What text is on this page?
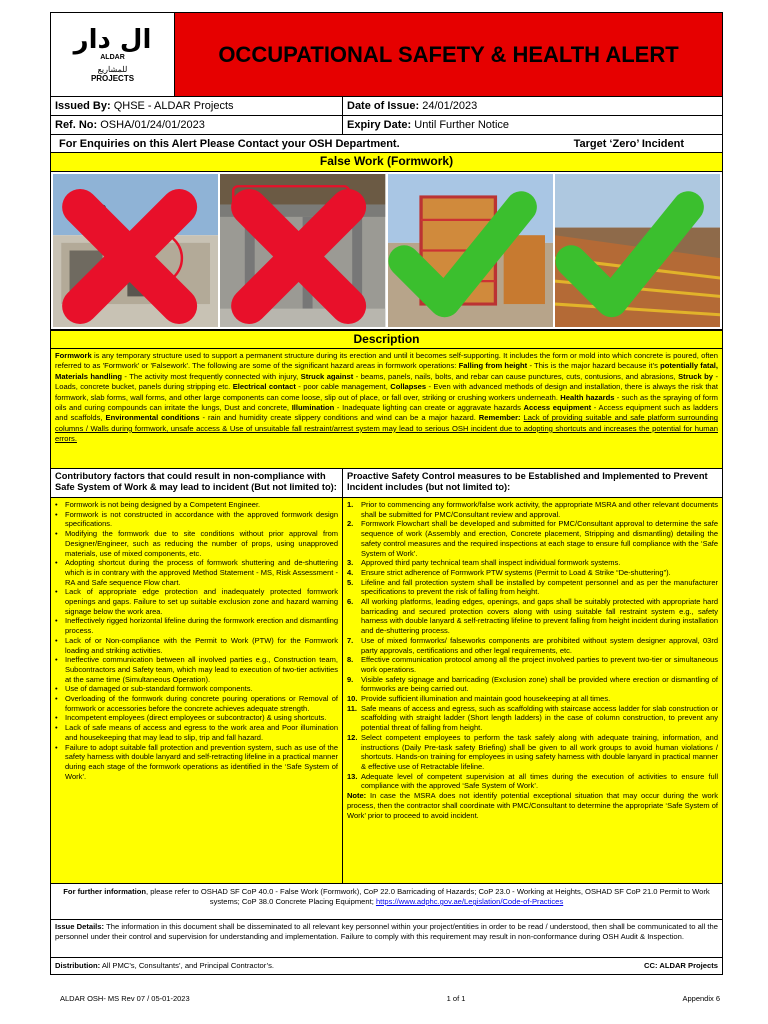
ال دار
ALDAR
للمشاريع
PROJECTS
OCCUPATIONAL SAFETY & HEALTH ALERT
Issued By: QHSE - ALDAR Projects	Date of Issue: 24/01/2023
Ref. No: OSHA/01/24/01/2023	Expiry Date: Until Further Notice
For Enquiries on this Alert Please Contact your OSH Department.	Target ‘Zero’ Incident
False Work (Formwork)
Description
Formwork is any temporary structure used to support a permanent structure during its erection and until it becomes self-supporting. It includes the form or mold into which concrete is poured, often referred to as 'Formwork' or 'Falsework'. The following are some of the significant hazard areas in formwork operations: Falling from height - This is the major hazard because it’s potentially fatal, Materials handling - The activity most frequently connected with injury, Struck against - beams, panels, nails, bolts, and rebar can cause punctures, cuts, contusions, and abrasions, Struck by - Loads, concrete bucket, panels during stripping etc. Electrical contact - poor cable management, Collapses - Even with advanced methods of design and installation, there is always the risk that formwork, slab forms, wall forms, and other large components can come loose, slip out of place, or fall over, striking or crushing workers underneath. Health hazards - such as the spraying of form oils and curing compounds can irritate the lungs, Dust and concrete, Illumination - Inadequate lighting can create or aggravate hazards Access equipment - Access equipment such as ladders and scaffolds, Environmental conditions - rain and humidity create slippery conditions and wind can be a major hazard. Remember: Lack of providing suitable and safe platform surrounding columns / Walls during formwork, unsafe access & Use of unsuitable fall restraint/arrest system may lead to serious OSH incident due to adopting shortcuts and increases the potential for human errors.
Contributory factors that could result in non-compliance with Safe System of Work & may lead to incident (But not limited to):
• Formwork is not being designed by a Competent Engineer.
• Formwork is not constructed in accordance with the approved formwork design specifications.
• Modifying the formwork due to site conditions without prior approval from Designer/Engineer, such as reducing the number of props, using unapproved materials, use of mixed components, etc.
• Adopting shortcut during the process of formwork shuttering and de-shuttering which is in contrary with the approved Method Statement - MS, Risk Assessment - RA and Safe sequence Flow chart.
• Lack of appropriate edge protection and inadequately protected formwork openings and gaps. Failure to set up suitable exclusion zone and hazard warning signage below the work area.
• Ineffectively rigged horizontal lifeline during the formwork erection and dismantling process.
• Lack of or Non-compliance with the Permit to Work (PTW) for the Formwork loading and striking activities.
• Ineffective communication between all involved parties e.g., Construction team, Subcontractors and Safety team, which may lead to execution of two-tier activities at the same time (Simultaneous Operation).
• Use of damaged or sub-standard formwork components.
• Overloading of the formwork during concrete pouring operations or Removal of formwork or accessories before the concrete achieves adequate strength.
• Incompetent employees (direct employees or subcontractor) & using shortcuts.
• Lack of safe means of access and egress to the work area and Poor illumination and housekeeping that may lead to slip, trip and fall hazard.
• Failure to adopt suitable fall protection and prevention system, such as use of the safety harness with double lanyard and self-retracting lifeline in a practical manner during each stage of the formwork operations as identified in the ‘Safe System of Work’.
Proactive Safety Control measures to be Established and Implemented to Prevent Incident includes (but not limited to):
1.	Prior to commencing any formwork/false work activity, the appropriate MSRA and other relevant documents shall be submitted for PMC/Consultant review and approval.
2.	Formwork Flowchart shall be developed and submitted for PMC/Consultant approval to determine the safe sequence of work (Assembly and erection, Concrete placement, Stripping and dismantling) detailing the safety control measures and the required inspections at each stage to ensure full compliance with the ‘Safe System of Work’.
3.	Approved third party technical team shall inspect individual formwork systems.
4.	Ensure strict adherence of Formwork PTW systems (Permit to Load & Strike “De-shuttering”).
5.	Lifeline and fall protection system shall be installed by competent personnel and as per the manufacturer specifications to prevent the risk of falling from height.
6.	All working platforms, leading edges, openings, and gaps shall be suitably protected with appropriate hard barricading and secured protection covers along with using suitable fall restraint system e.g., safety harness with double lanyard & self-retracting lifeline to prevent falling from height incident during installation and de-shuttering process.
7.	Use of mixed formworks/ falseworks components are prohibited without system designer approval, 03rd party approvals, certifications and other legal requirements, etc.
8.	Effective communication protocol among all the project involved parties to prevent two-tier or simultaneous work operations.
9.	Visible safety signage and barricading (Exclusion zone) shall be provided where erection or dismantling of formworks are being carried out.
10. Provide sufficient illumination and maintain good housekeeping at all times.
11. Safe means of access and egress, such as scaffolding with staircase access ladder for slab construction or scaffolding with straight ladder (Short length ladders) in the case of column construction, to prevent any potential threat of falling from height.
12. Select competent employees to perform the task safely along with adequate training, information, and instructions (Daily Pre-task safety Briefing) shall be given to all work groups to avoid human violations / shortcuts. Hands-on training for employees in using safety harness with double lanyard in practical manner & effective use of Retractable lifeline.
13. Adequate level of competent supervision at all times during the execution of activities to ensure full compliance with the approved ‘Safe System of Work’.
Note: In case the MSRA does not identify potential exceptional situation that may occur during the work process, then the contractor shall coordinate with PMC/Consultant to determine the appropriate ‘Safe System of Work’ prior to proceed to avoid incident.
For further information, please refer to OSHAD SF CoP 40.0 - False Work (Formwork), CoP 22.0 Barricading of Hazards; CoP 23.0 - Working at Heights, OSHAD SF CoP 21.0 Permit to Work systems; CoP 38.0 Concrete Placing Equipment; https://www.adphc.gov.ae/Legislation/Code-of-Practices
Issue Details: The information in this document shall be disseminated to all relevant key personnel within your project/entities in order to be read / understood, then shall be communicated to all the personnel under their control and supervision for understanding and implementation. Failure to comply with this requirement may result in non-conformance during OSH Audit & Inspection.
Distribution: All PMC’s, Consultants’, and Principal Contractor’s.	CC: ALDAR Projects
ALDAR OSH- MS Rev 07 / 05-01-2023	1 of 1	Appendix 6
